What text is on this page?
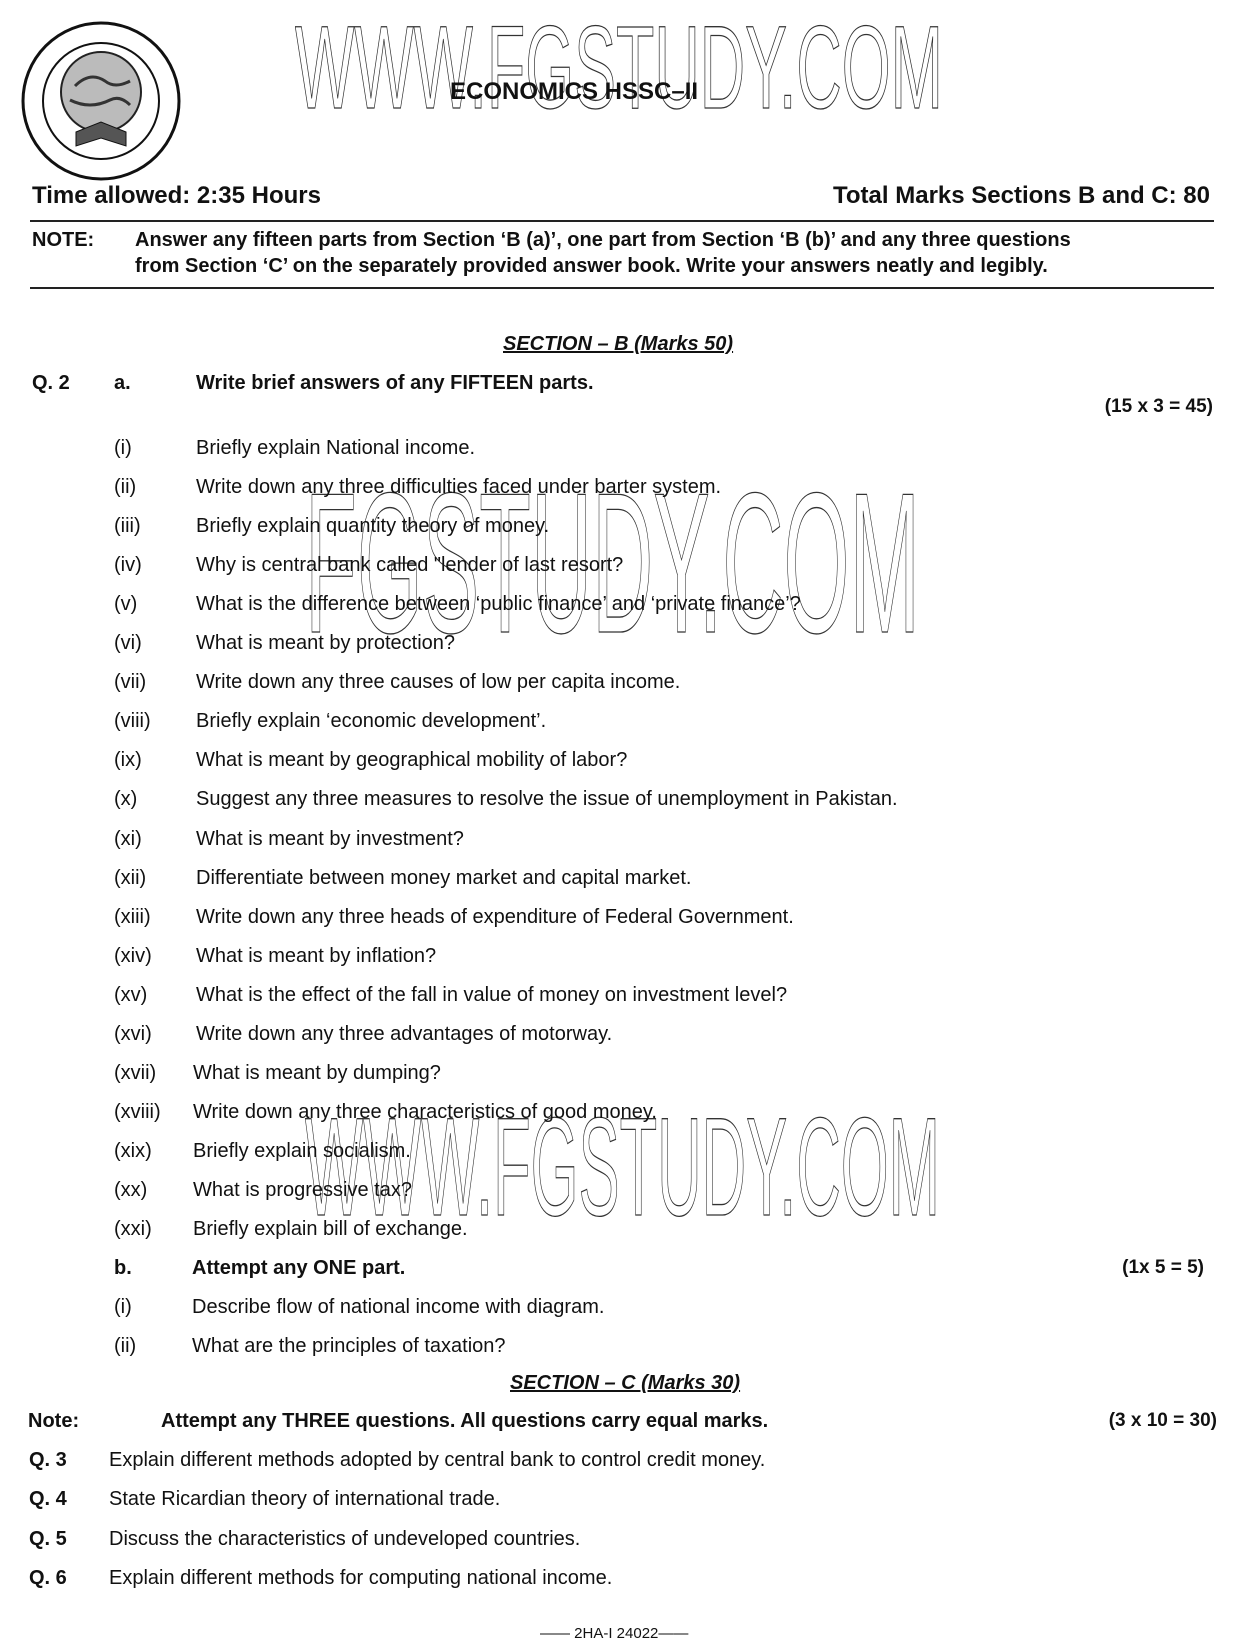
WWW.FGSTUDY.COM
FGSTUDY.COM
WWW.FGSTUDY.COM
ECONOMICS HSSC–II
Time allowed: 2:35 Hours	Total Marks Sections B and C: 80
NOTE: Answer any fifteen parts from Section ‘B (a)’, one part from Section ‘B (b)’ and any three questions
from Section ‘C’ on the separately provided answer book. Write your answers neatly and legibly.
SECTION – B (Marks 50)
Q. 2 a.	Write brief answers of any FIFTEEN parts.
(15 x 3 = 45)
(i)	Briefly explain National income.
(ii)	Write down any three difficulties faced under barter system.
(iii)	Briefly explain quantity theory of money.
(iv)	Why is central bank called "lender of last resort?
(v)	What is the difference between ‘public finance’ and ‘private finance’?
(vi)	What is meant by protection?
(vii) Write down any three causes of low per capita income.
(viii) Briefly explain ‘economic development’.
(ix)	What is meant by geographical mobility of labor?
(x)	Suggest any three measures to resolve the issue of unemployment in Pakistan.
(xi)	What is meant by investment?
(xii) Differentiate between money market and capital market.
(xiii) Write down any three heads of expenditure of Federal Government.
(xiv) What is meant by inflation?
(xv) What is the effect of the fall in value of money on investment level?
(xvi) Write down any three advantages of motorway.
(xvii) What is meant by dumping?
(xviii) Write down any three characteristics of good money.
(xix) Briefly explain socialism.
(xx) What is progressive tax?
(xxi) Briefly explain bill of exchange.
b.	Attempt any ONE part.	(1x 5 = 5)
(i)	Describe flow of national income with diagram.
(ii)	What are the principles of taxation?
SECTION – C (Marks 30)
Note:	Attempt any THREE questions. All questions carry equal marks.	(3 x 10 = 30)
Q. 3 Explain different methods adopted by central bank to control credit money.
Q. 4 State Ricardian theory of international trade.
Q. 5 Discuss the characteristics of undeveloped countries.
Q. 6 Explain different methods for computing national income.
—— 2HA-I 24022——
